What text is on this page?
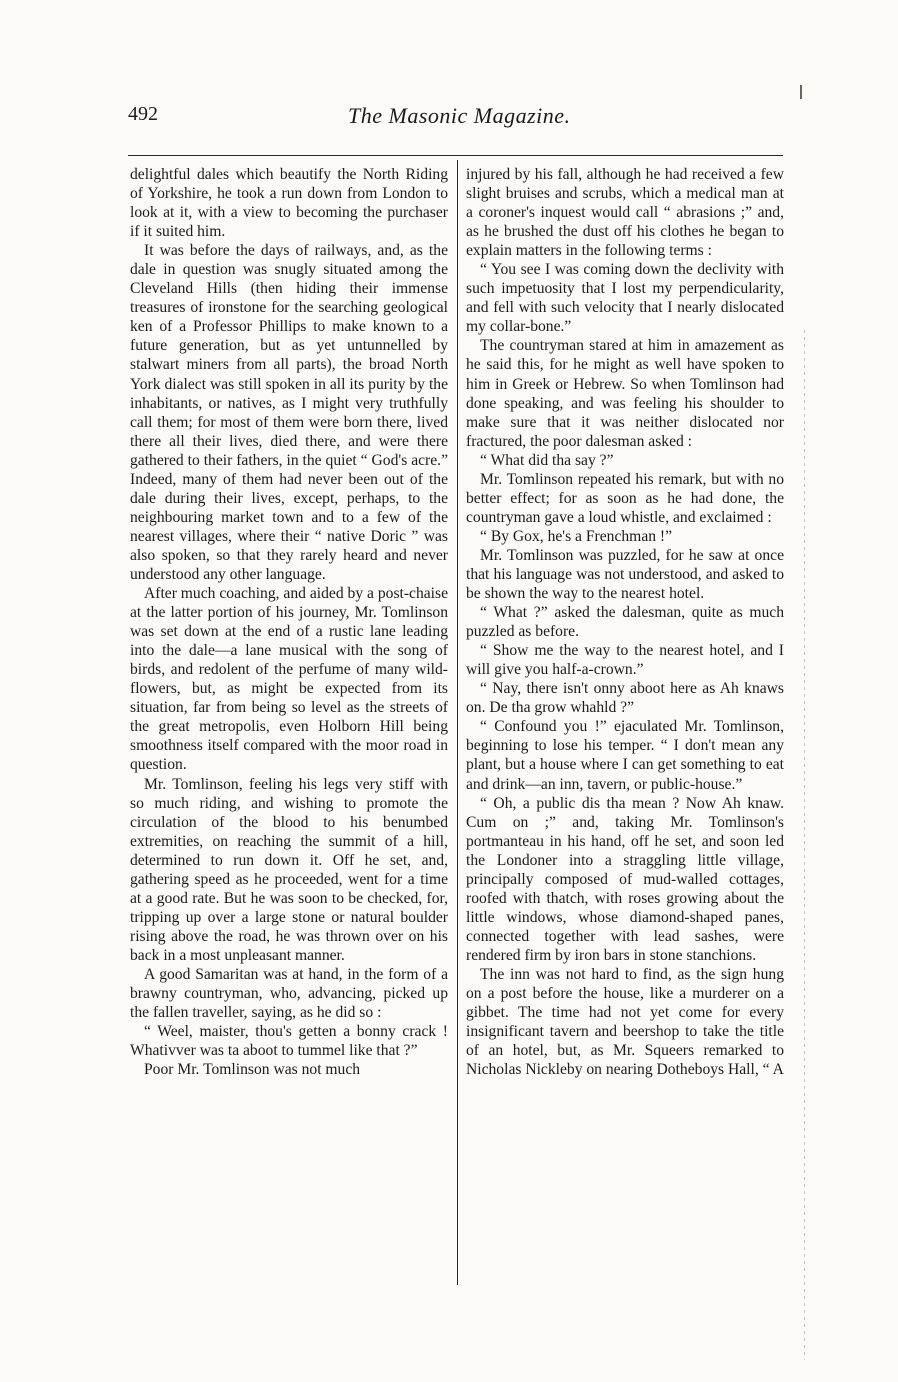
492	The Masonic Magazine.

delightful dales which beautify the North Riding of Yorkshire, he took a run down from London to look at it, with a view to becoming the purchaser if it suited him.

It was before the days of railways, and, as the dale in question was snugly situated among the Cleveland Hills (then hiding their immense treasures of ironstone for the searching geological ken of a Professor Phillips to make known to a future generation, but as yet untunnelled by stalwart miners from all parts), the broad North York dialect was still spoken in all its purity by the inhabitants, or natives, as I might very truthfully call them; for most of them were born there, lived there all their lives, died there, and were there gathered to their fathers, in the quiet “ God's acre.” Indeed, many of them had never been out of the dale during their lives, except, perhaps, to the neighbouring market town and to a few of the nearest villages, where their “ native Doric ” was also spoken, so that they rarely heard and never understood any other language.

After much coaching, and aided by a post-chaise at the latter portion of his journey, Mr. Tomlinson was set down at the end of a rustic lane leading into the dale—a lane musical with the song of birds, and redolent of the perfume of many wild-flowers, but, as might be expected from its situation, far from being so level as the streets of the great metropolis, even Holborn Hill being smoothness itself compared with the moor road in question.

Mr. Tomlinson, feeling his legs very stiff with so much riding, and wishing to promote the circulation of the blood to his benumbed extremities, on reaching the summit of a hill, determined to run down it. Off he set, and, gathering speed as he proceeded, went for a time at a good rate. But he was soon to be checked, for, tripping up over a large stone or natural boulder rising above the road, he was thrown over on his back in a most unpleasant manner.

A good Samaritan was at hand, in the form of a brawny countryman, who, advancing, picked up the fallen traveller, saying, as he did so :

“ Weel, maister, thou's getten a bonny crack ! Whativver was ta aboot to tummel like that ?”

Poor Mr. Tomlinson was not much

injured by his fall, although he had received a few slight bruises and scrubs, which a medical man at a coroner's inquest would call “ abrasions ;” and, as he brushed the dust off his clothes he began to explain matters in the following terms :

“ You see I was coming down the declivity with such impetuosity that I lost my perpendicularity, and fell with such velocity that I nearly dislocated my collar-bone.”

The countryman stared at him in amazement as he said this, for he might as well have spoken to him in Greek or Hebrew. So when Tomlinson had done speaking, and was feeling his shoulder to make sure that it was neither dislocated nor fractured, the poor dalesman asked :

“ What did tha say ?”

Mr. Tomlinson repeated his remark, but with no better effect; for as soon as he had done, the countryman gave a loud whistle, and exclaimed :

“ By Gox, he's a Frenchman !”

Mr. Tomlinson was puzzled, for he saw at once that his language was not understood, and asked to be shown the way to the nearest hotel.

“ What ?” asked the dalesman, quite as much puzzled as before.

“ Show me the way to the nearest hotel, and I will give you half-a-crown.”

“ Nay, there isn't onny aboot here as Ah knaws on. De tha grow whahld ?”

“ Confound you !” ejaculated Mr. Tomlinson, beginning to lose his temper. “ I don't mean any plant, but a house where I can get something to eat and drink—an inn, tavern, or public-house.”

“ Oh, a public dis tha mean ? Now Ah knaw. Cum on ;” and, taking Mr. Tomlinson's portmanteau in his hand, off he set, and soon led the Londoner into a straggling little village, principally composed of mud-walled cottages, roofed with thatch, with roses growing about the little windows, whose diamond-shaped panes, connected together with lead sashes, were rendered firm by iron bars in stone stanchions.

The inn was not hard to find, as the sign hung on a post before the house, like a murderer on a gibbet. The time had not yet come for every insignificant tavern and beershop to take the title of an hotel, but, as Mr. Squeers remarked to Nicholas Nickleby on nearing Dotheboys Hall, “ A
